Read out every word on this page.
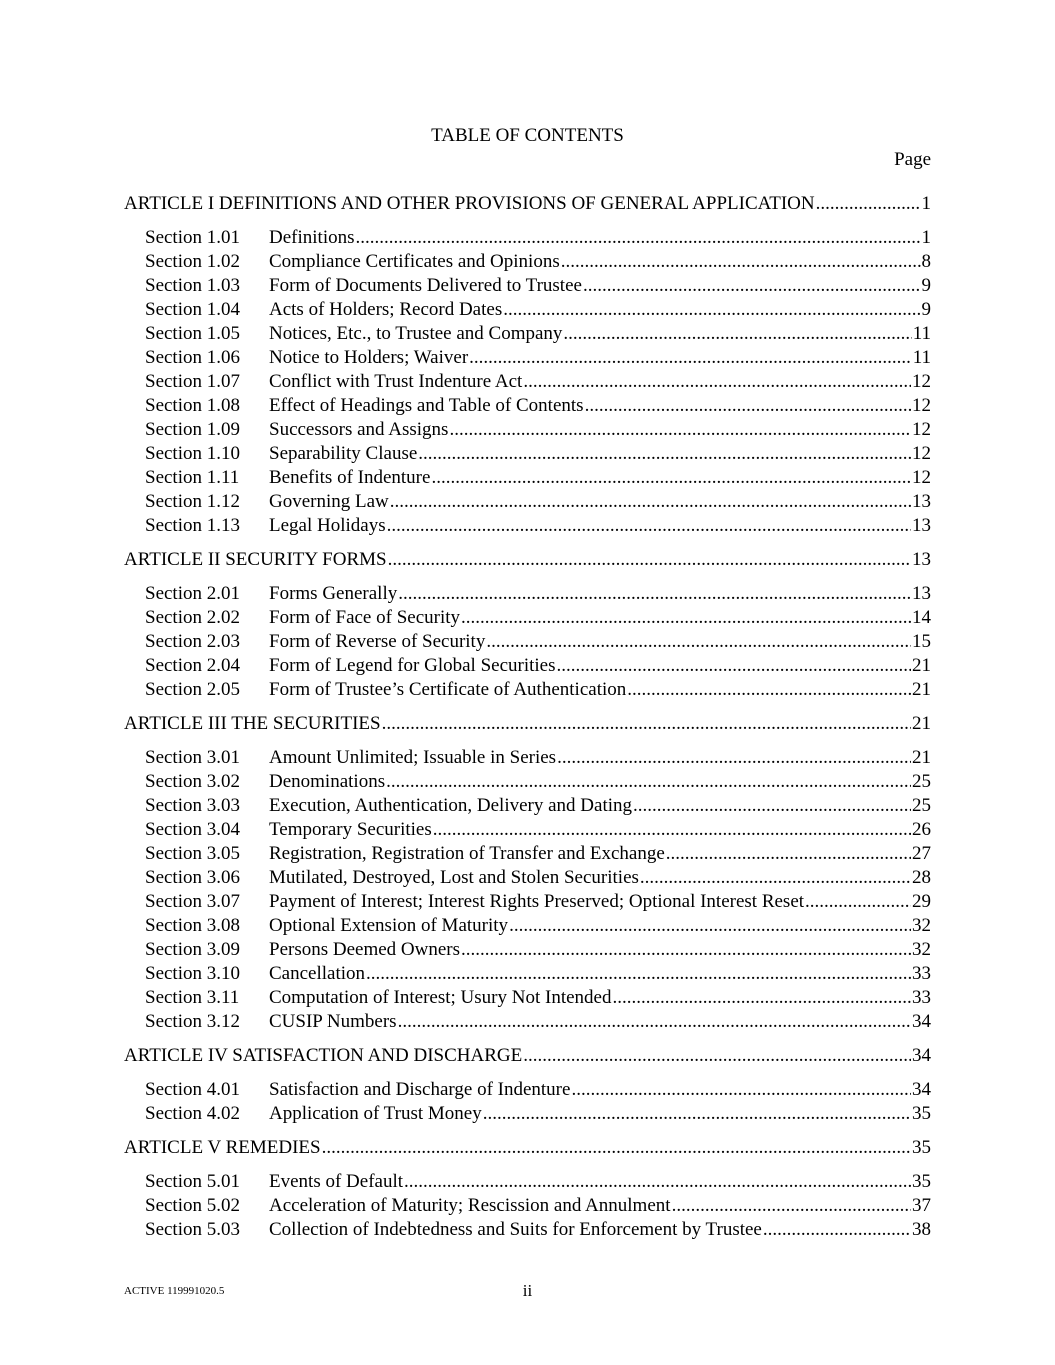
TABLE OF CONTENTS
Page
ARTICLE I DEFINITIONS AND OTHER PROVISIONS OF GENERAL APPLICATION .....	1
Section 1.01	Definitions .....	1
Section 1.02	Compliance Certificates and Opinions .....	8
Section 1.03	Form of Documents Delivered to Trustee .....	9
Section 1.04	Acts of Holders; Record Dates .....	9
Section 1.05	Notices, Etc., to Trustee and Company .....	11
Section 1.06	Notice to Holders; Waiver .....	11
Section 1.07	Conflict with Trust Indenture Act .....	12
Section 1.08	Effect of Headings and Table of Contents .....	12
Section 1.09	Successors and Assigns .....	12
Section 1.10	Separability Clause .....	12
Section 1.11	Benefits of Indenture .....	12
Section 1.12	Governing Law .....	13
Section 1.13	Legal Holidays .....	13
ARTICLE II SECURITY FORMS .....	13
Section 2.01	Forms Generally .....	13
Section 2.02	Form of Face of Security .....	14
Section 2.03	Form of Reverse of Security .....	15
Section 2.04	Form of Legend for Global Securities .....	21
Section 2.05	Form of Trustee’s Certificate of Authentication .....	21
ARTICLE III THE SECURITIES .....	21
Section 3.01	Amount Unlimited; Issuable in Series .....	21
Section 3.02	Denominations .....	25
Section 3.03	Execution, Authentication, Delivery and Dating .....	25
Section 3.04	Temporary Securities .....	26
Section 3.05	Registration, Registration of Transfer and Exchange .....	27
Section 3.06	Mutilated, Destroyed, Lost and Stolen Securities .....	28
Section 3.07	Payment of Interest; Interest Rights Preserved; Optional Interest Reset .....	29
Section 3.08	Optional Extension of Maturity .....	32
Section 3.09	Persons Deemed Owners .....	32
Section 3.10	Cancellation .....	33
Section 3.11	Computation of Interest; Usury Not Intended .....	33
Section 3.12	CUSIP Numbers .....	34
ARTICLE IV SATISFACTION AND DISCHARGE .....	34
Section 4.01	Satisfaction and Discharge of Indenture .....	34
Section 4.02	Application of Trust Money .....	35
ARTICLE V REMEDIES .....	35
Section 5.01	Events of Default .....	35
Section 5.02	Acceleration of Maturity; Rescission and Annulment .....	37
Section 5.03	Collection of Indebtedness and Suits for Enforcement by Trustee .....	38
ACTIVE 119991020.5	ii
